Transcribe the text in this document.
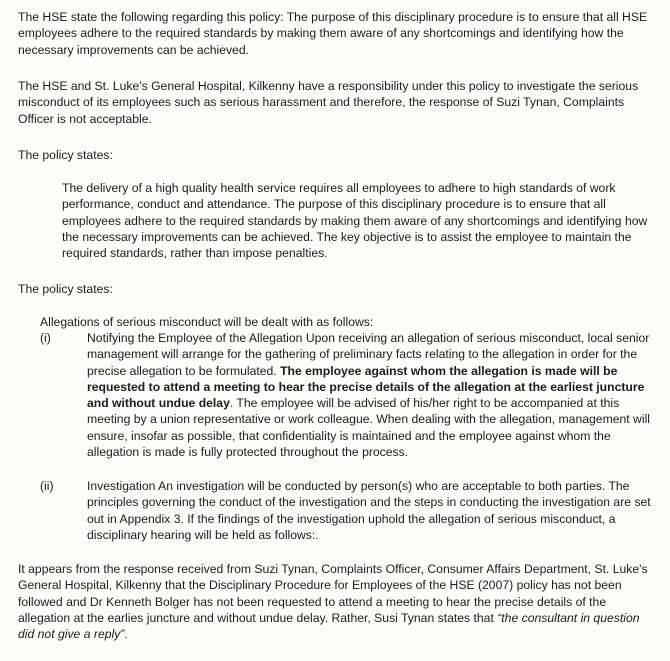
The HSE state the following regarding this policy: The purpose of this disciplinary procedure is to ensure that all HSE employees adhere to the required standards by making them aware of any shortcomings and identifying how the necessary improvements can be achieved.

The HSE and St. Luke's General Hospital, Kilkenny have a responsibility under this policy to investigate the serious misconduct of its employees such as serious harassment and therefore, the response of Suzi Tynan, Complaints Officer is not acceptable.

The policy states:

The delivery of a high quality health service requires all employees to adhere to high standards of work performance, conduct and attendance. The purpose of this disciplinary procedure is to ensure that all employees adhere to the required standards by making them aware of any shortcomings and identifying how the necessary improvements can be achieved. The key objective is to assist the employee to maintain the required standards, rather than impose penalties.

The policy states:

Allegations of serious misconduct will be dealt with as follows:

(i)	Notifying the Employee of the Allegation Upon receiving an allegation of serious misconduct, local senior management will arrange for the gathering of preliminary facts relating to the allegation in order for the precise allegation to be formulated. The employee against whom the allegation is made will be requested to attend a meeting to hear the precise details of the allegation at the earliest juncture and without undue delay. The employee will be advised of his/her right to be accompanied at this meeting by a union representative or work colleague. When dealing with the allegation, management will ensure, insofar as possible, that confidentiality is maintained and the employee against whom the allegation is made is fully protected throughout the process.
(ii)	Investigation An investigation will be conducted by person(s) who are acceptable to both parties. The principles governing the conduct of the investigation and the steps in conducting the investigation are set out in Appendix 3. If the findings of the investigation uphold the allegation of serious misconduct, a disciplinary hearing will be held as follows:.

It appears from the response received from Suzi Tynan, Complaints Officer, Consumer Affairs Department, St. Luke's General Hospital, Kilkenny that the Disciplinary Procedure for Employees of the HSE (2007) policy has not been followed and Dr Kenneth Bolger has not been requested to attend a meeting to hear the precise details of the allegation at the earlies juncture and without undue delay. Rather, Susi Tynan states that “the consultant in question did not give a reply”.
